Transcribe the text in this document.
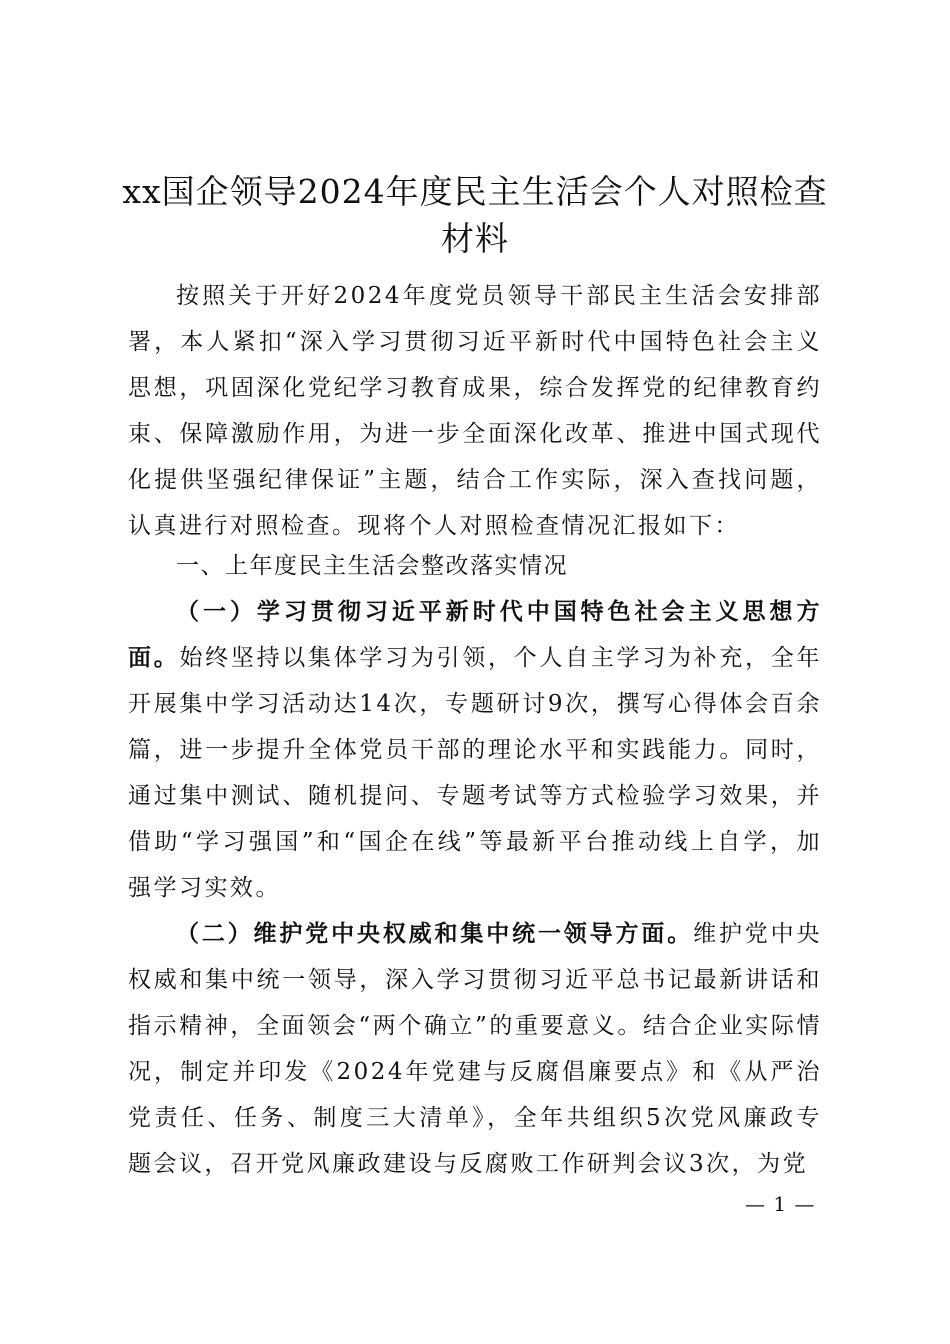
xx国企领导2024年度民主生活会个人对照检查材料
按照关于开好2024年度党员领导干部民主生活会安排部署，本人紧扣“深入学习贯彻习近平新时代中国特色社会主义思想，巩固深化党纪学习教育成果，综合发挥党的纪律教育约束、保障激励作用，为进一步全面深化改革、推进中国式现代化提供坚强纪律保证”主题，结合工作实际，深入查找问题，认真进行对照检查。现将个人对照检查情况汇报如下：
一、上年度民主生活会整改落实情况
（一）学习贯彻习近平新时代中国特色社会主义思想方面。始终坚持以集体学习为引领，个人自主学习为补充，全年开展集中学习活动达14次，专题研讨9次，撰写心得体会百余篇，进一步提升全体党员干部的理论水平和实践能力。同时，通过集中测试、随机提问、专题考试等方式检验学习效果，并借助“学习强国”和“国企在线”等最新平台推动线上自学，加强学习实效。
（二）维护党中央权威和集中统一领导方面。维护党中央权威和集中统一领导，深入学习贯彻习近平总书记最新讲话和指示精神，全面领会“两个确立”的重要意义。结合企业实际情况，制定并印发《2024年党建与反腐倡廉要点》和《从严治党责任、任务、制度三大清单》，全年共组织5次党风廉政专题会议，召开党风廉政建设与反腐败工作研判会议3次，为党
— 1 —
